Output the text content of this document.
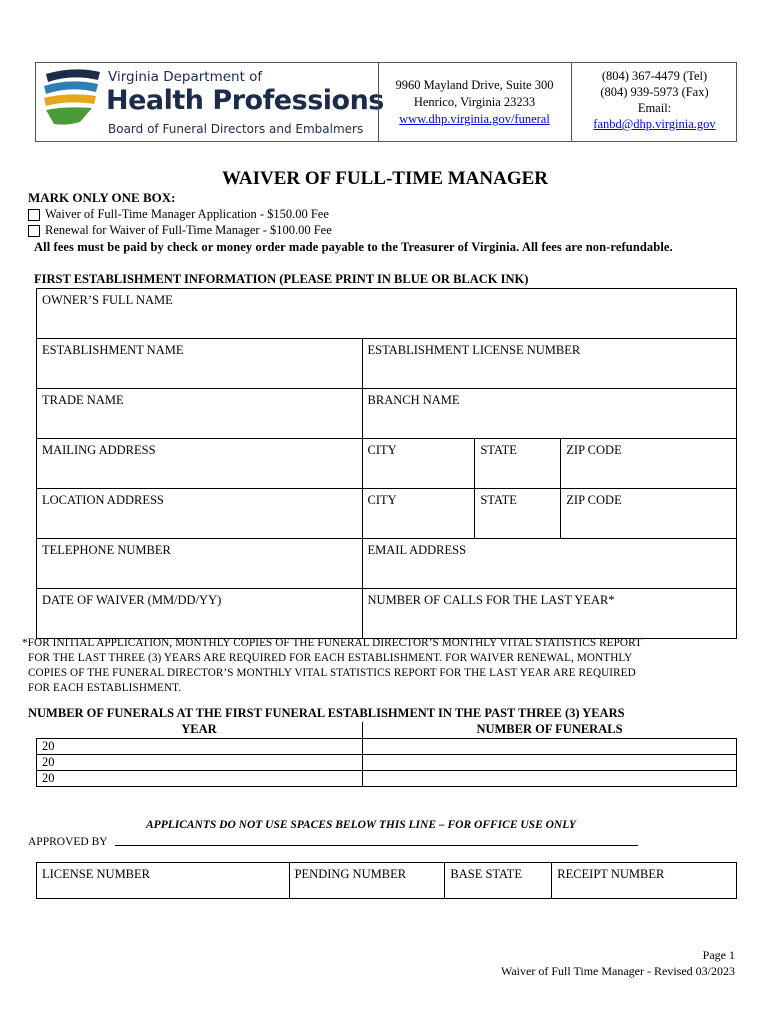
Virginia Department of
Health Professions
Board of Funeral Directors and Embalmers
9960 Mayland Drive, Suite 300
Henrico, Virginia 23233
www.dhp.virginia.gov/funeral
(804) 367-4479 (Tel)
(804) 939-5973 (Fax)
Email:
fanbd@dhp.virginia.gov
WAIVER OF FULL-TIME MANAGER
MARK ONLY ONE BOX:
Waiver of Full-Time Manager Application - $150.00 Fee
Renewal for Waiver of Full-Time Manager - $100.00 Fee
All fees must be paid by check or money order made payable to the Treasurer of Virginia. All fees are non-refundable.
FIRST ESTABLISHMENT INFORMATION (PLEASE PRINT IN BLUE OR BLACK INK)
OWNER’S FULL NAME			
ESTABLISHMENT NAME	ESTABLISHMENT LICENSE NUMBER		
TRADE NAME	BRANCH NAME		
MAILING ADDRESS	CITY	STATE	ZIP CODE
LOCATION ADDRESS	CITY	STATE	ZIP CODE
TELEPHONE NUMBER	EMAIL ADDRESS		
DATE OF WAIVER (MM/DD/YY)	NUMBER OF CALLS FOR THE LAST YEAR*		
*FOR INITIAL APPLICATION, MONTHLY COPIES OF THE FUNERAL DIRECTOR’S MONTHLY VITAL STATISTICS REPORT
FOR THE LAST THREE (3) YEARS ARE REQUIRED FOR EACH ESTABLISHMENT. FOR WAIVER RENEWAL, MONTHLY
COPIES OF THE FUNERAL DIRECTOR’S MONTHLY VITAL STATISTICS REPORT FOR THE LAST YEAR ARE REQUIRED
FOR EACH ESTABLISHMENT.
NUMBER OF FUNERALS AT THE FIRST FUNERAL ESTABLISHMENT IN THE PAST THREE (3) YEARS
YEAR	NUMBER OF FUNERALS
20	
20	
20	
APPLICANTS DO NOT USE SPACES BELOW THIS LINE – FOR OFFICE USE ONLY
APPROVED BY
LICENSE NUMBER	PENDING NUMBER	BASE STATE	RECEIPT NUMBER
Page 1
Waiver of Full Time Manager - Revised 03/2023
